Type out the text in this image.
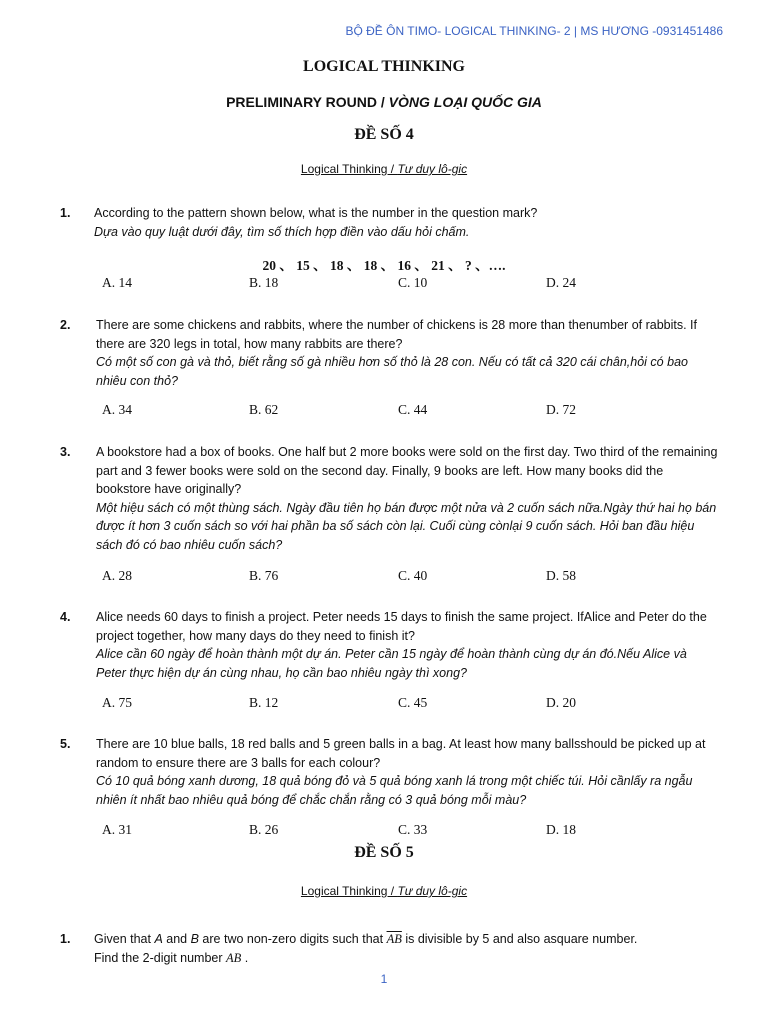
BỘ ĐỀ ÔN TIMO- LOGICAL THINKING- 2 | MS HƯƠNG -0931451486
LOGICAL THINKING
PRELIMINARY ROUND / VÒNG LOẠI QUỐC GIA
ĐỀ SỐ 4
Logical Thinking / Tư duy lô-gic
1. According to the pattern shown below, what is the number in the question mark?
Dựa vào quy luật dưới đây, tìm số thích hợp điền vào dấu hỏi chấm.
20 、 15 、 18 、 18 、 16 、 21 、 ? 、….
A. 14	B. 18	C. 10	D. 24
2. There are some chickens and rabbits, where the number of chickens is 28 more than thenumber of rabbits. If there are 320 legs in total, how many rabbits are there?
Có một số con gà và thỏ, biết rằng số gà nhiều hơn số thỏ là 28 con. Nếu có tất cả 320 cái chân,hỏi có bao nhiêu con thỏ?
A. 34	B. 62	C. 44	D. 72
3. A bookstore had a box of books. One half but 2 more books were sold on the first day. Two third of the remaining part and 3 fewer books were sold on the second day. Finally, 9 books are left. How many books did the bookstore have originally?
Một hiệu sách có một thùng sách. Ngày đầu tiên họ bán được một nửa và 2 cuốn sách nữa.Ngày thứ hai họ bán được ít hơn 3 cuốn sách so với hai phần ba số sách còn lại. Cuối cùng cònlại 9 cuốn sách. Hỏi ban đầu hiệu sách đó có bao nhiêu cuốn sách?
A. 28	B. 76	C. 40	D. 58
4. Alice needs 60 days to finish a project. Peter needs 15 days to finish the same project. IfAlice and Peter do the project together, how many days do they need to finish it?
Alice cần 60 ngày để hoàn thành một dự án. Peter cần 15 ngày để hoàn thành cùng dự án đó.Nếu Alice và Peter thực hiện dự án cùng nhau, họ cần bao nhiêu ngày thì xong?
A. 75	B. 12	C. 45	D. 20
5. There are 10 blue balls, 18 red balls and 5 green balls in a bag. At least how many ballsshould be picked up at random to ensure there are 3 balls for each colour?
Có 10 quả bóng xanh dương, 18 quả bóng đỏ và 5 quả bóng xanh lá trong một chiếc túi. Hỏi cầnlấy ra ngẫu nhiên ít nhất bao nhiêu quả bóng để chắc chắn rằng có 3 quả bóng mỗi màu?
A. 31	B. 26	C. 33	D. 18
ĐỀ SỐ 5
Logical Thinking / Tư duy lô-gic
1. Given that A and B are two non-zero digits such that $\overline{AB}$ is divisible by 5 and also asquare number.
Find the 2-digit number AB .
1
